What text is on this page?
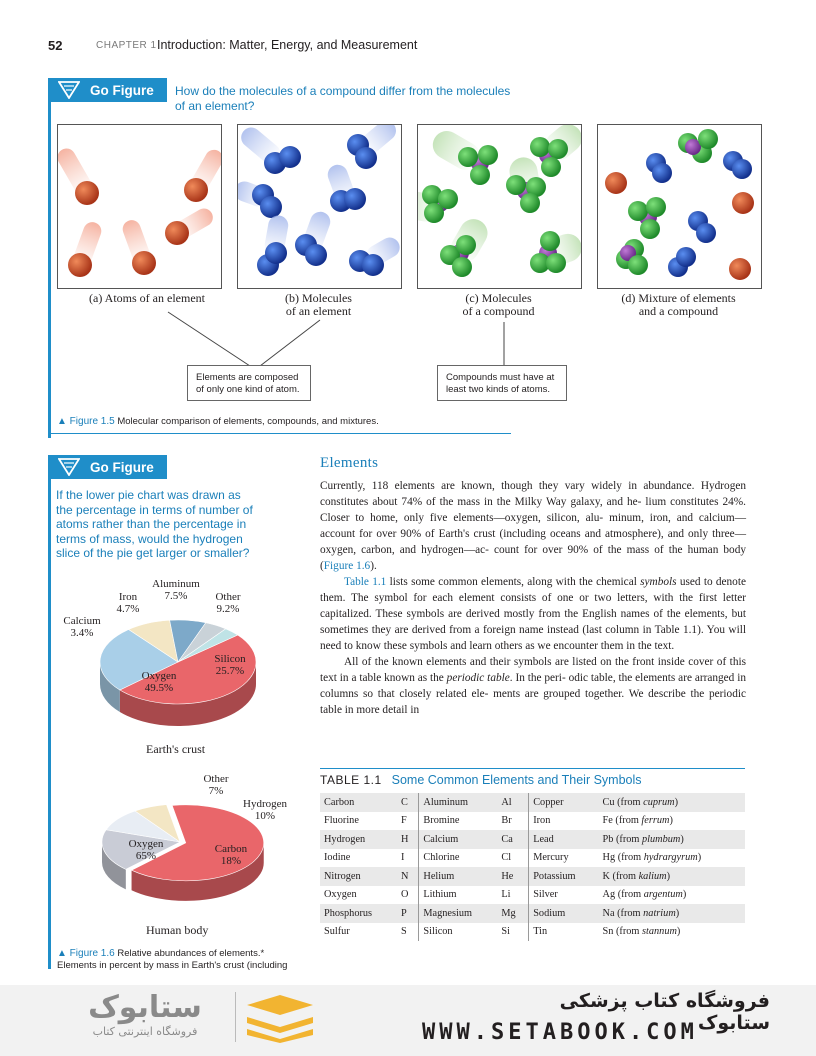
52	CHAPTER 1 Introduction: Matter, Energy, and Measurement
Go Figure How do the molecules of a compound differ from the molecules
of an element?
(a) Atoms of an element	(b) Molecules
of an element
(c) Molecules
of a compound
(d) Mixture of elements
and a compound
Elements are composed
of only one kind of atom.
Compounds must have at
least two kinds of atoms.
▲ Figure 1.5 Molecular comparison of elements, compounds, and mixtures.
Go Figure
If the lower pie chart was drawn as
the percentage in terms of number of
atoms rather than the percentage in
terms of mass, would the hydrogen
slice of the pie get larger or smaller?
Aluminum
7.5%
Iron
4.7%
Calcium
3.4%
Other
9.2%
Silicon
25.7%
Oxygen
49.5%
Earth's crust
Other
7%
Hydrogen
10%
Carbon
18%
Oxygen
65%
Human body
▲ Figure 1.6 Relative abundances of elements.*
Elements in percent by mass in Earth's crust (including
Elements

Currently, 118 elements are known, though they vary widely in abundance. Hydrogen constitutes about 74% of the mass in the Milky Way galaxy, and he- lium constitutes 24%. Closer to home, only five elements—oxygen, silicon, alu- minum, iron, and calcium—account for over 90% of Earth's crust (including oceans and atmosphere), and only three—oxygen, carbon, and hydrogen—ac- count for over 90% of the mass of the human body (Figure 1.6).

Table 1.1 lists some common elements, along with the chemical symbols used to denote them. The symbol for each element consists of one or two letters, with the first letter capitalized. These symbols are derived mostly from the English names of the elements, but sometimes they are derived from a foreign name instead (last column in Table 1.1). You will need to know these symbols and learn others as we encounter them in the text.

All of the known elements and their symbols are listed on the front inside cover of this text in a table known as the periodic table. In the peri- odic table, the elements are arranged in columns so that closely related ele- ments are grouped together. We describe the periodic table in more detail in

TABLE 1.1 Some Common Elements and Their Symbols
Carbon	C	Aluminum	Al	Copper	Cu (from cuprum)
Fluorine	F	Bromine	Br	Iron	Fe (from ferrum)
Hydrogen	H	Calcium	Ca	Lead	Pb (from plumbum)
Iodine	I	Chlorine	Cl	Mercury	Hg (from hydrargyrum)
Nitrogen	N	Helium	He	Potassium	K (from kalium)
Oxygen	O	Lithium	Li	Silver	Ag (from argentum)
Phosphorus	P	Magnesium	Mg	Sodium	Na (from natrium)
Sulfur	S	Silicon	Si	Tin	Sn (from stannum)
فروشگاه کتاب پزشکی ستابوک
WWW.SETABOOK.COM
ستابوک
فروشگاه اینترنتی کتاب
